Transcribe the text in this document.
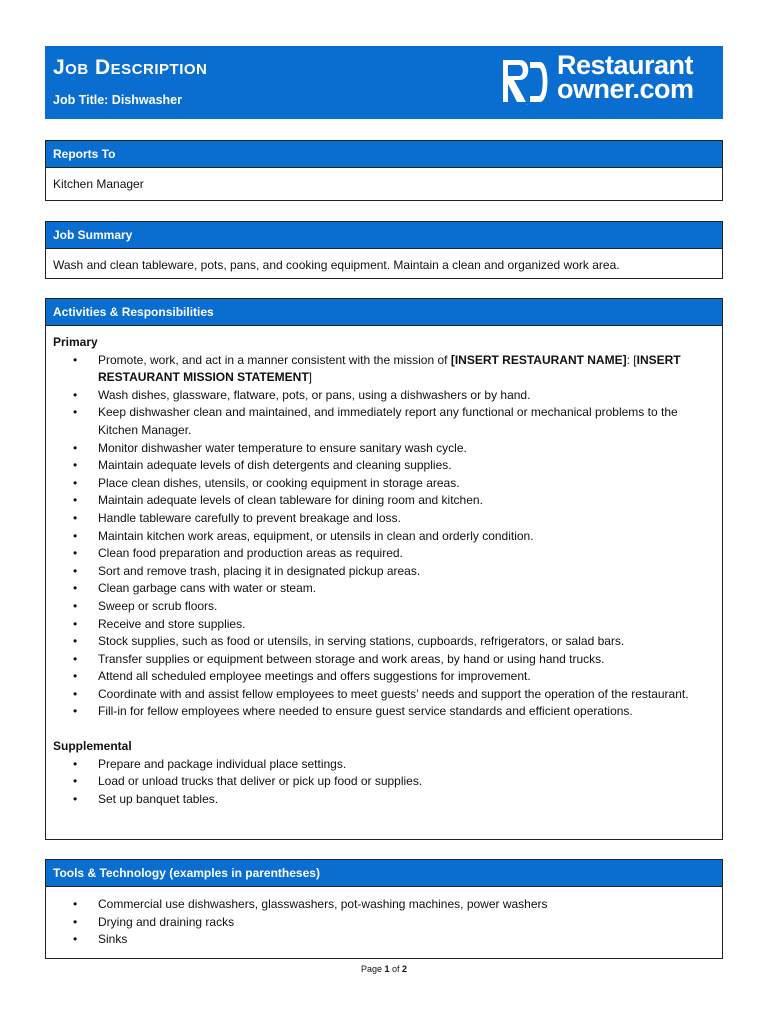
Job Description
Job Title: Dishwasher	RO
Restaurant
owner.com
Reports To
Kitchen Manager
Job Summary
Wash and clean tableware, pots, pans, and cooking equipment. Maintain a clean and organized work area.
Activities & Responsibilities
Primary
• Promote, work, and act in a manner consistent with the mission of [INSERT RESTAURANT NAME]: [INSERT RESTAURANT MISSION STATEMENT]
• Wash dishes, glassware, flatware, pots, or pans, using a dishwashers or by hand.
• Keep dishwasher clean and maintained, and immediately report any functional or mechanical problems to the Kitchen Manager.
• Monitor dishwasher water temperature to ensure sanitary wash cycle.
• Maintain adequate levels of dish detergents and cleaning supplies.
• Place clean dishes, utensils, or cooking equipment in storage areas.
• Maintain adequate levels of clean tableware for dining room and kitchen.
• Handle tableware carefully to prevent breakage and loss.
• Maintain kitchen work areas, equipment, or utensils in clean and orderly condition.
• Clean food preparation and production areas as required.
• Sort and remove trash, placing it in designated pickup areas.
• Clean garbage cans with water or steam.
• Sweep or scrub floors.
• Receive and store supplies.
• Stock supplies, such as food or utensils, in serving stations, cupboards, refrigerators, or salad bars.
• Transfer supplies or equipment between storage and work areas, by hand or using hand trucks.
• Attend all scheduled employee meetings and offers suggestions for improvement.
• Coordinate with and assist fellow employees to meet guests’ needs and support the operation of the restaurant.
• Fill-in for fellow employees where needed to ensure guest service standards and efficient operations.
Supplemental
• Prepare and package individual place settings.
• Load or unload trucks that deliver or pick up food or supplies.
• Set up banquet tables.
Tools & Technology (examples in parentheses)
• Commercial use dishwashers, glasswashers, pot-washing machines, power washers
• Drying and draining racks
• Sinks
Page 1 of 2
